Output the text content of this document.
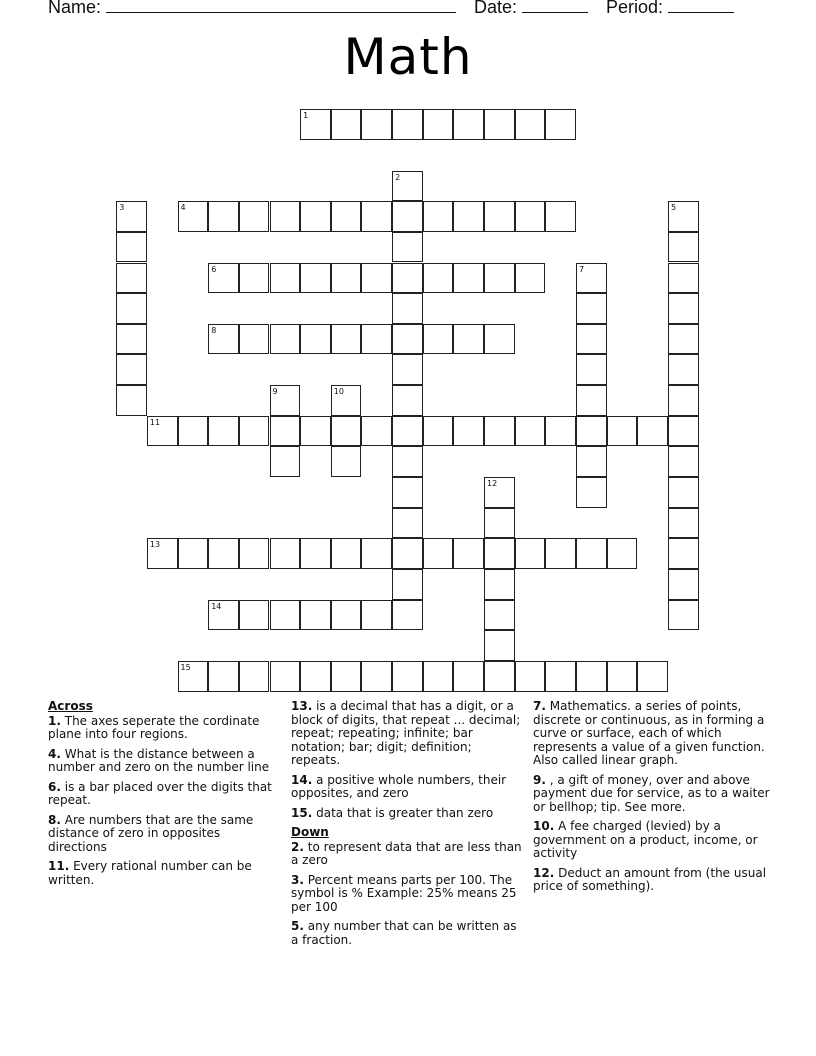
Name:	Date:	Period:
Math
1
2
3	4	5
6	7
8
9	10
11
12
13
14
15
Across
1. The axes seperate the cordinate plane into four regions.
4. What is the distance between a number and zero on the number line
6. is a bar placed over the digits that repeat.
8. Are numbers that are the same distance of zero in opposites directions
11. Every rational number can be written.
13. is a decimal that has a digit, or a block of digits, that repeat ... decimal; repeat; repeating; infinite; bar notation; bar; digit; definition; repeats.
14. a positive whole numbers, their opposites, and zero
15. data that is greater than zero
Down
2. to represent data that are less than a zero
3. Percent means parts per 100. The symbol is % Example: 25% means 25 per 100
5. any number that can be written as a fraction.
7. Mathematics. a series of points, discrete or continuous, as in forming a curve or surface, each of which represents a value of a given function. Also called linear graph.
9. , a gift of money, over and above payment due for service, as to a waiter or bellhop; tip. See more.
10. A fee charged (levied) by a government on a product, income, or activity
12. Deduct an amount from (the usual price of something).
